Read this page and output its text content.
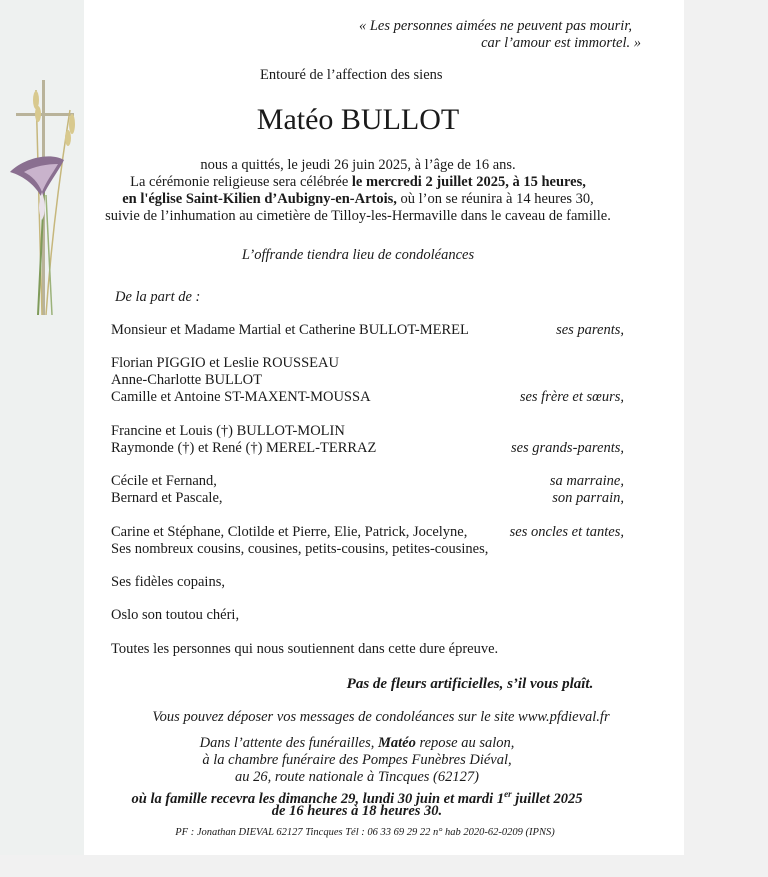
« Les personnes aimées ne peuvent pas mourir,
car l’amour est immortel. »
Entouré de l’affection des siens
Matéo BULLOT
nous a quittés, le jeudi 26 juin 2025, à l’âge de 16 ans.
La cérémonie religieuse sera célébrée le mercredi 2 juillet 2025, à 15 heures,
en l'église Saint-Kilien d’Aubigny-en-Artois, où l’on se réunira à 14 heures 30,
suivie de l’inhumation au cimetière de Tilloy-les-Hermaville dans le caveau de famille.
L’offrande tiendra lieu de condoléances
De la part de :
Monsieur et Madame Martial et Catherine BULLOT-MEREL	ses parents,
Florian PIGGIO et Leslie ROUSSEAU
Anne-Charlotte BULLOT
Camille et Antoine ST-MAXENT-MOUSSA	ses frère et sœurs,
Francine et Louis (†) BULLOT-MOLIN
Raymonde (†) et René (†) MEREL-TERRAZ	ses grands-parents,
Cécile et Fernand,	sa marraine,
Bernard et Pascale,	son parrain,
Carine et Stéphane, Clotilde et Pierre, Elie, Patrick, Jocelyne,	ses oncles et tantes,
Ses nombreux cousins, cousines, petits-cousins, petites-cousines,
Ses fidèles copains,
Oslo son toutou chéri,
Toutes les personnes qui nous soutiennent dans cette dure épreuve.
Pas de fleurs artificielles, s’il vous plaît.
Vous pouvez déposer vos messages de condoléances sur le site www.pfdieval.fr
Dans l’attente des funérailles, Matéo repose au salon,
à la chambre funéraire des Pompes Funèbres Diéval,
au 26, route nationale à Tincques (62127)
où la famille recevra les dimanche 29, lundi 30 juin et mardi 1er juillet 2025
de 16 heures à 18 heures 30.
PF : Jonathan DIEVAL 62127 Tincques Tél : 06 33 69 29 22 n° hab 2020-62-0209 (IPNS)
